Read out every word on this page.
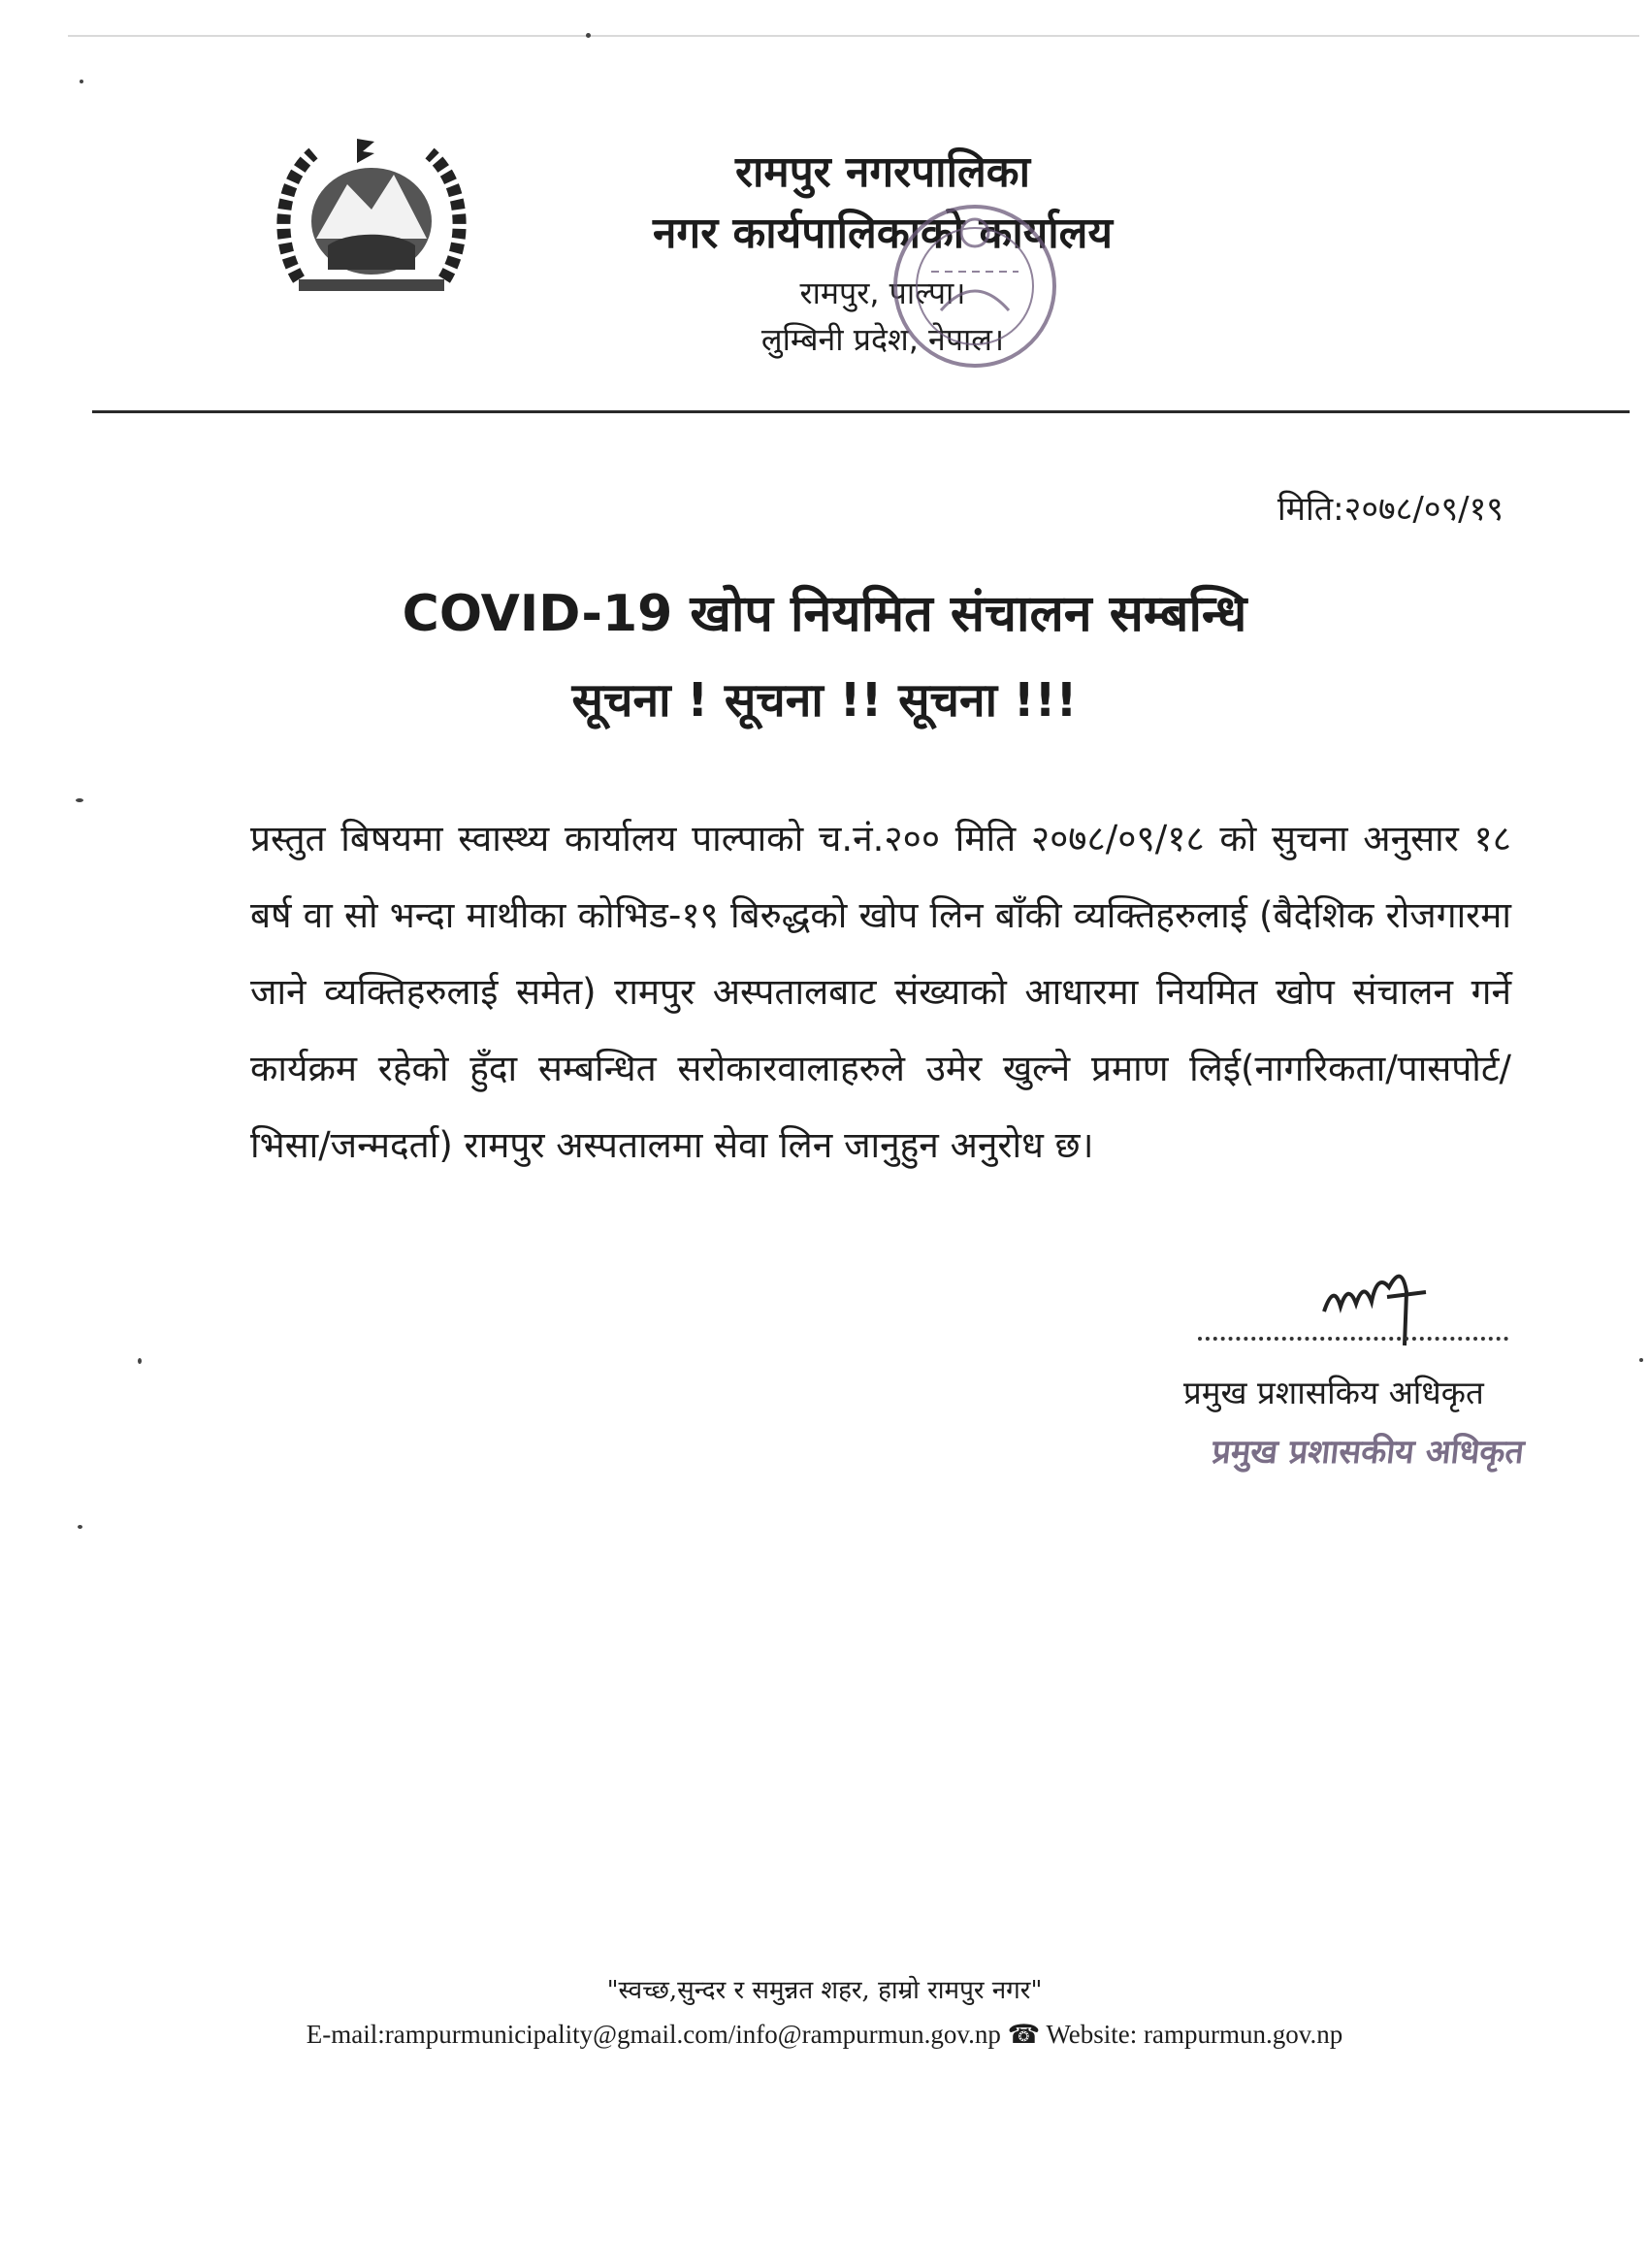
रामपुर नगरपालिका
नगर कार्यपालिकाको कार्यालय
रामपुर, पाल्पा।
लुम्बिनी प्रदेश, नेपाल।
मिति:२०७८/०९/१९
COVID-19 खोप नियमित संचालन सम्बन्धि
सूचना ! सूचना !! सूचना !!!
प्रस्तुत बिषयमा स्वास्थ्य कार्यालय पाल्पाको च.नं.२०० मिति २०७८/०९/१८ को सुचना अनुसार १८ बर्ष वा सो भन्दा माथीका कोभिड-१९ बिरुद्धको खोप लिन बाँकी व्यक्तिहरुलाई (बैदेशिक रोजगारमा जाने व्यक्तिहरुलाई समेत) रामपुर अस्पतालबाट संख्याको आधारमा नियमित खोप संचालन गर्ने कार्यक्रम रहेको हुँदा सम्बन्धित सरोकारवालाहरुले उमेर खुल्ने प्रमाण लिई(नागरिकता/पासपोर्ट/भिसा/जन्मदर्ता) रामपुर अस्पतालमा सेवा लिन जानुहुन अनुरोध छ।
प्रमुख प्रशासकिय अधिकृत
प्रमुख प्रशासकीय अधिकृत
"स्वच्छ,सुन्दर र समुन्नत शहर, हाम्रो रामपुर नगर"
E-mail:rampurmunicipality@gmail.com/info@rampurmun.gov.np ☎ Website: rampurmun.gov.np
